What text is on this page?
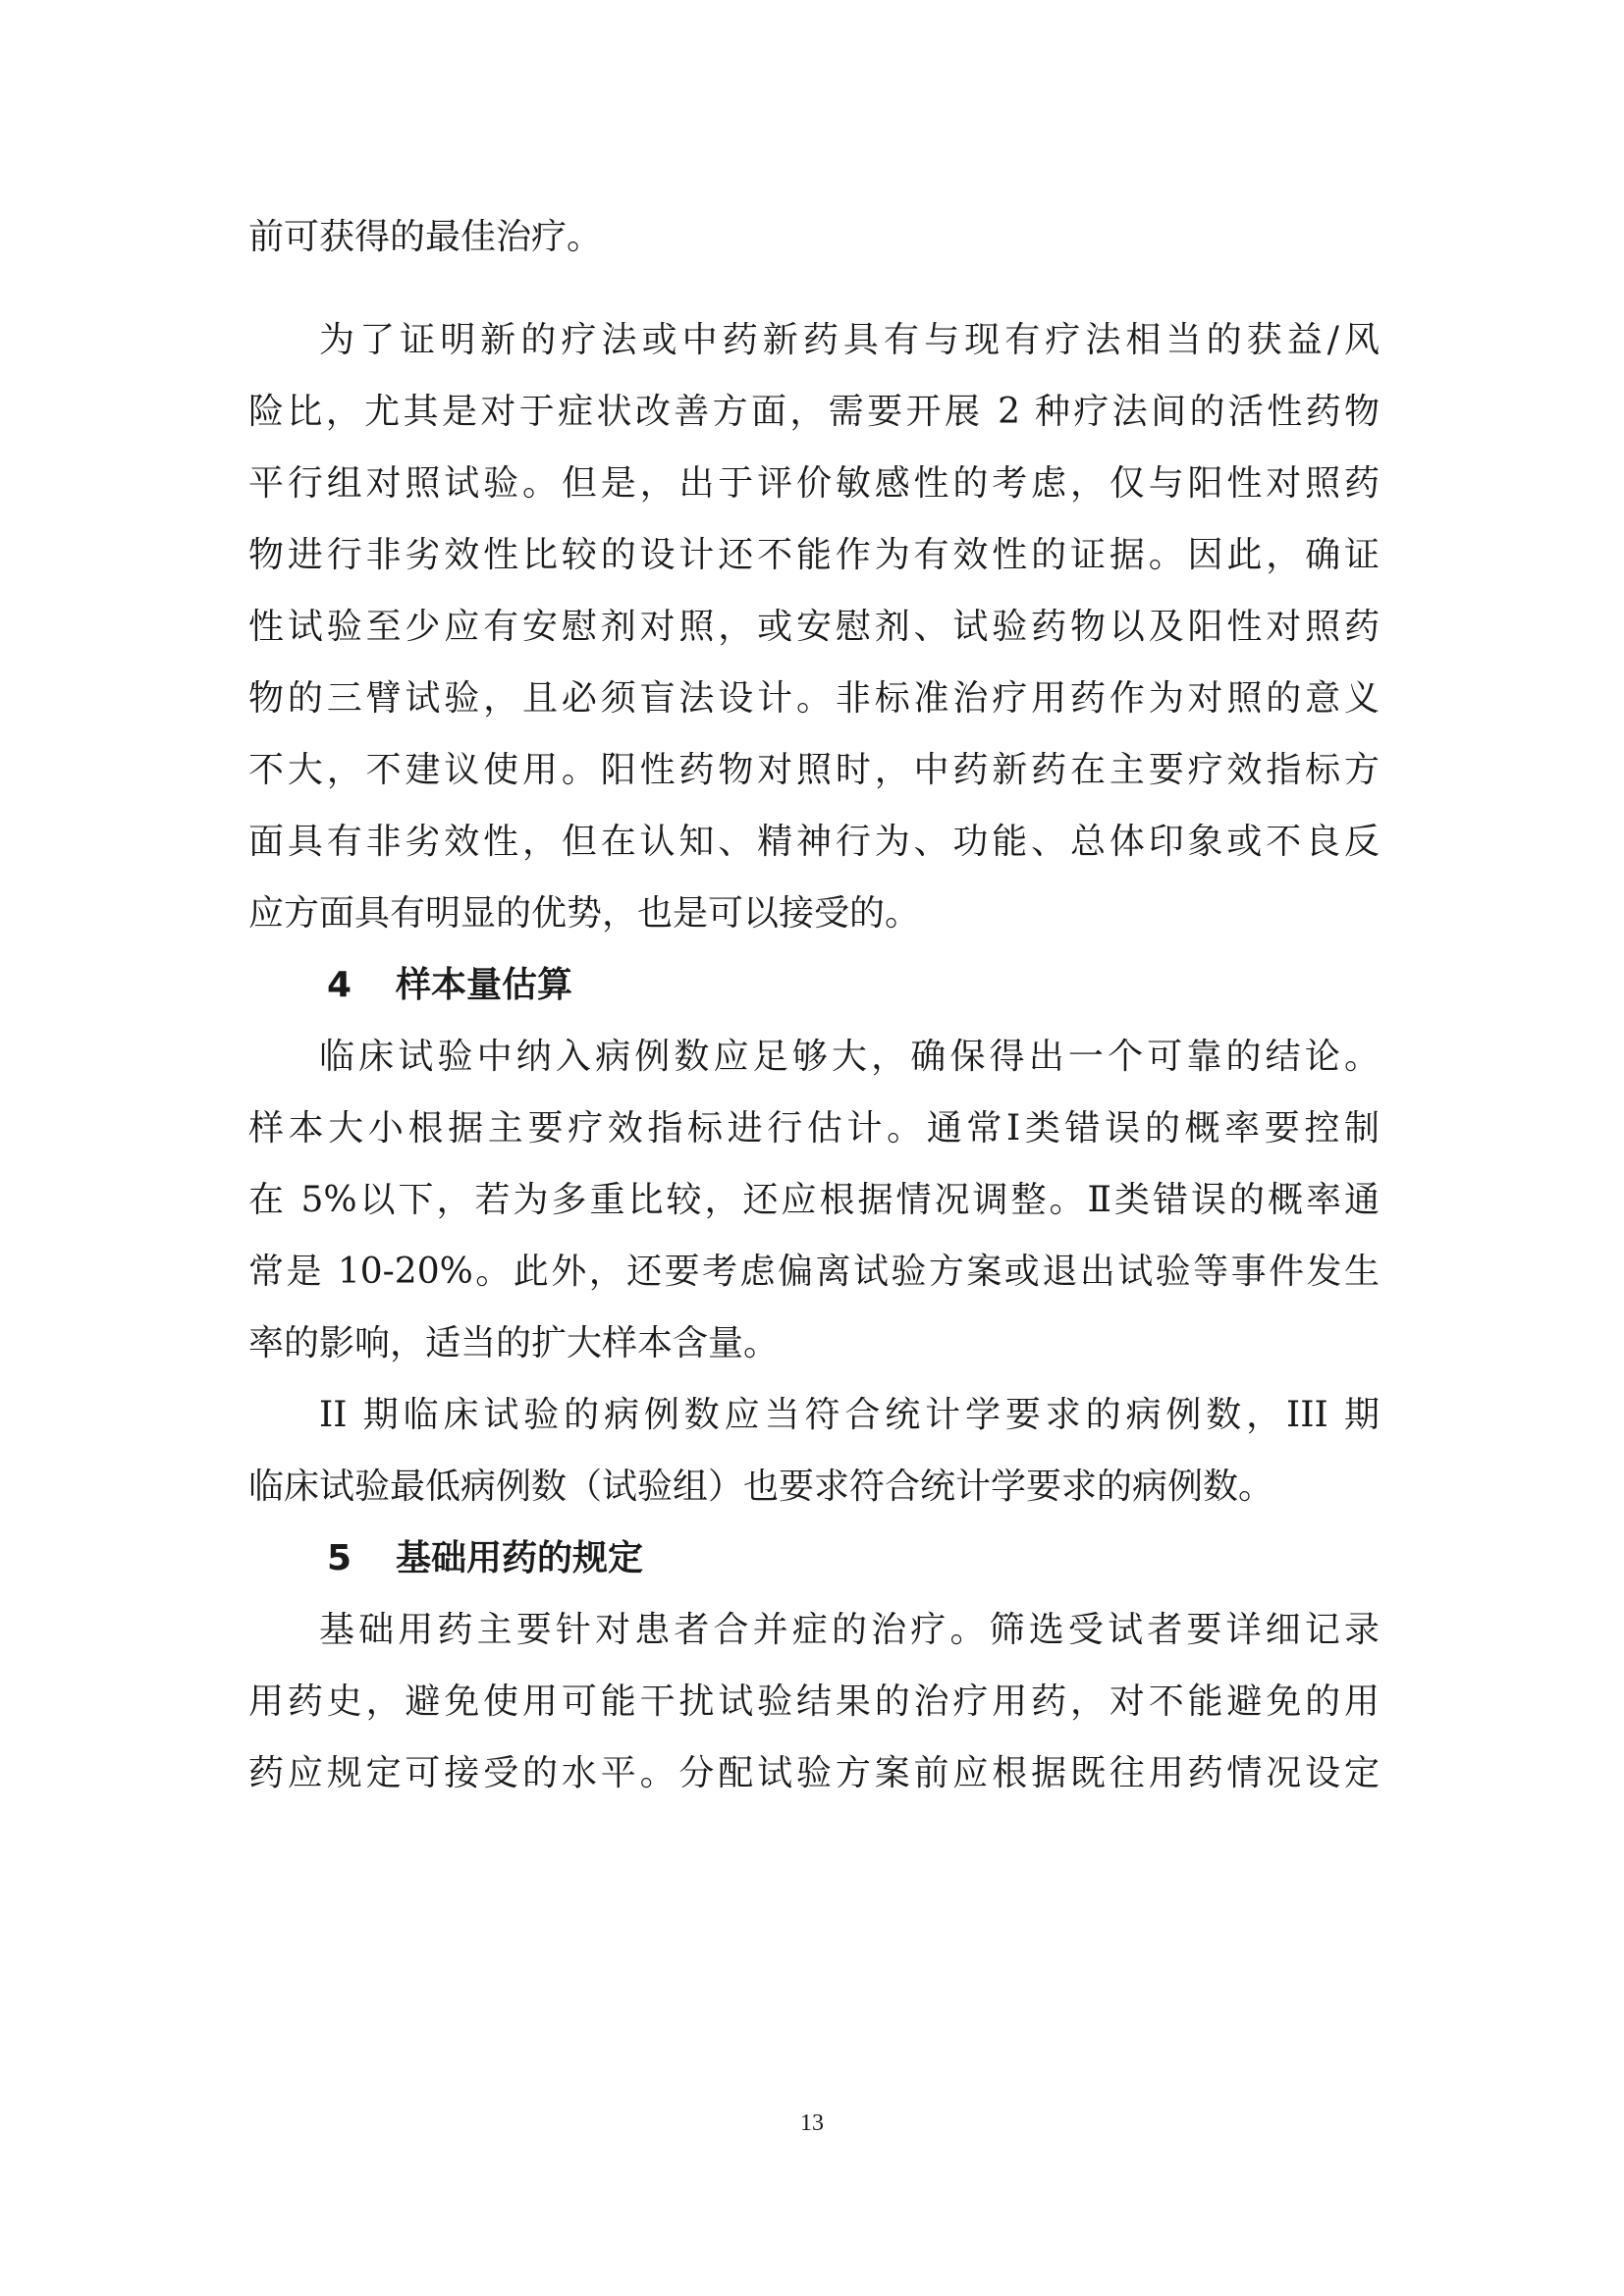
前可获得的最佳治疗。
为了证明新的疗法或中药新药具有与现有疗法相当的获益/风
险比，尤其是对于症状改善方面，需要开展 2 种疗法间的活性药物
平行组对照试验。但是，出于评价敏感性的考虑，仅与阳性对照药
物进行非劣效性比较的设计还不能作为有效性的证据。因此，确证
性试验至少应有安慰剂对照，或安慰剂、试验药物以及阳性对照药
物的三臂试验，且必须盲法设计。非标准治疗用药作为对照的意义
不大，不建议使用。阳性药物对照时，中药新药在主要疗效指标方
面具有非劣效性，但在认知、精神行为、功能、总体印象或不良反
应方面具有明显的优势，也是可以接受的。
4 样本量估算
临床试验中纳入病例数应足够大，确保得出一个可靠的结论。
样本大小根据主要疗效指标进行估计。通常Ⅰ类错误的概率要控制
在 5%以下，若为多重比较，还应根据情况调整。Ⅱ类错误的概率通
常是 10-20%。此外，还要考虑偏离试验方案或退出试验等事件发生
率的影响，适当的扩大样本含量。
II 期临床试验的病例数应当符合统计学要求的病例数，III 期
临床试验最低病例数（试验组）也要求符合统计学要求的病例数。
5 基础用药的规定
基础用药主要针对患者合并症的治疗。筛选受试者要详细记录
用药史，避免使用可能干扰试验结果的治疗用药，对不能避免的用
药应规定可接受的水平。分配试验方案前应根据既往用药情况设定
13
